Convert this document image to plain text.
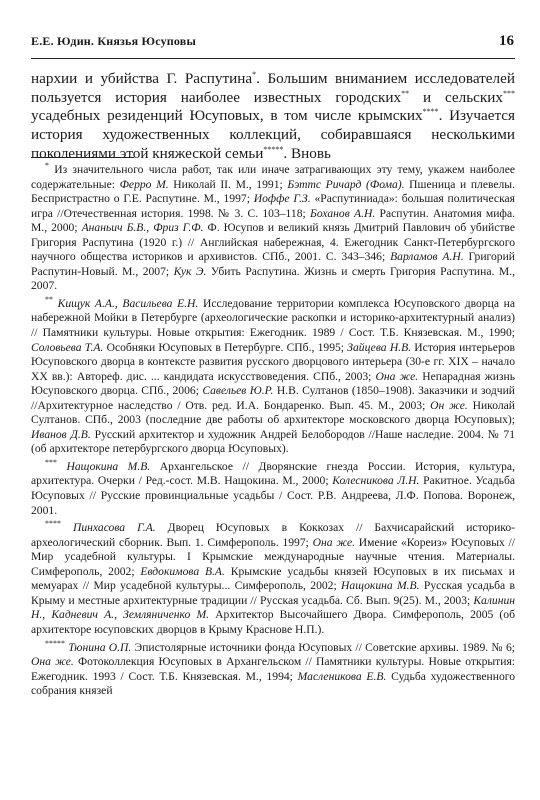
Е.Е. Юдин. Князья Юсуповы	16

нархии и убийства Г. Распутина*. Большим вниманием исследователей пользуется история наиболее известных городских** и сельских*** усадебных резиденций Юсуповых, в том числе крымских****. Изучается история художественных коллекций, собиравшаяся несколькими поколениями этой княжеской семьи*****. Вновь

* Из значительного числа работ, так или иначе затрагивающих эту тему, укажем наиболее содержательные: Ферро М. Николай II. М., 1991; Бэттс Ричард (Фома). Пшеница и плевелы. Беспристрастно о Г.Е. Распутине. М., 1997; Иоффе Г.З. «Распутиниада»: большая политическая игра //Отечественная история. 1998. № 3. С. 103–118; Боханов А.Н. Распутин. Анатомия мифа. М., 2000; Ананьич Б.В., Фриз Г.Ф. Ф. Юсупов и великий князь Дмитрий Павлович об убийстве Григория Распутина (1920 г.) // Английская набережная, 4. Ежегодник Санкт-Петербургского научного общества историков и архивистов. СПб., 2001. С. 343–346; Варламов А.Н. Григорий Распутин-Новый. М., 2007; Кук Э. Убить Распутина. Жизнь и смерть Григория Распутина. М., 2007.

** Кищук А.А., Васильева Е.Н. Исследование территории комплекса Юсуповского дворца на набережной Мойки в Петербурге (археологические раскопки и историко-архитектурный анализ) // Памятники культуры. Новые открытия: Ежегодник. 1989 / Сост. Т.Б. Князевская. М., 1990; Соловьева Т.А. Особняки Юсуповых в Петербурге. СПб., 1995; Зайцева Н.В. История интерьеров Юсуповского дворца в контексте развития русского дворцового интерьера (30-е гг. XIX – начало XX вв.): Автореф. дис. ... кандидата искусствоведения. СПб., 2003; Она же. Непарадная жизнь Юсуповского дворца. СПб., 2006; Савельев Ю.Р. Н.В. Султанов (1850–1908). Заказчики и зодчий //Архитектурное наследство / Отв. ред. И.А. Бондаренко. Вып. 45. М., 2003; Он же. Николай Султанов. СПб., 2003 (последние две работы об архитекторе московского дворца Юсуповых); Иванов Д.В. Русский архитектор и художник Андрей Белобородов //Наше наследие. 2004. № 71 (об архитекторе петербургского дворца Юсуповых).

*** Нащокина М.В. Архангельское // Дворянские гнезда России. История, культура, архитектура. Очерки / Ред.-сост. М.В. Нащокина. М., 2000; Колесникова Л.Н. Ракитное. Усадьба Юсуповых // Русские провинциальные усадьбы / Сост. Р.В. Андреева, Л.Ф. Попова. Воронеж, 2001.

**** Пинхасова Г.А. Дворец Юсуповых в Коккозах // Бахчисарайский историко-археологический сборник. Вып. 1. Симферополь. 1997; Она же. Имение «Кореиз» Юсуповых //Мир усадебной культуры. I Крымские международные научные чтения. Материалы. Симферополь, 2002; Евдокимова В.А. Крымские усадьбы князей Юсуповых в их письмах и мемуарах // Мир усадебной культуры... Симферополь, 2002; Нащокина М.В. Русская усадьба в Крыму и местные архитектурные традиции // Русская усадьба. Сб. Вып. 9(25). М., 2003; Калинин Н., Кадневич А., Земляниченко М. Архитектор Высочайшего Двора. Симферополь, 2005 (об архитекторе юсуповских дворцов в Крыму Краснове Н.П.).

***** Тюнина О.П. Эпистолярные источники фонда Юсуповых // Советские архивы. 1989. № 6; Она же. Фотоколлекция Юсуповых в Архангельском // Памятники культуры. Новые открытия: Ежегодник. 1993 / Сост. Т.Б. Князевская. М., 1994; Масленикова Е.В. Судьба художественного собрания князей
